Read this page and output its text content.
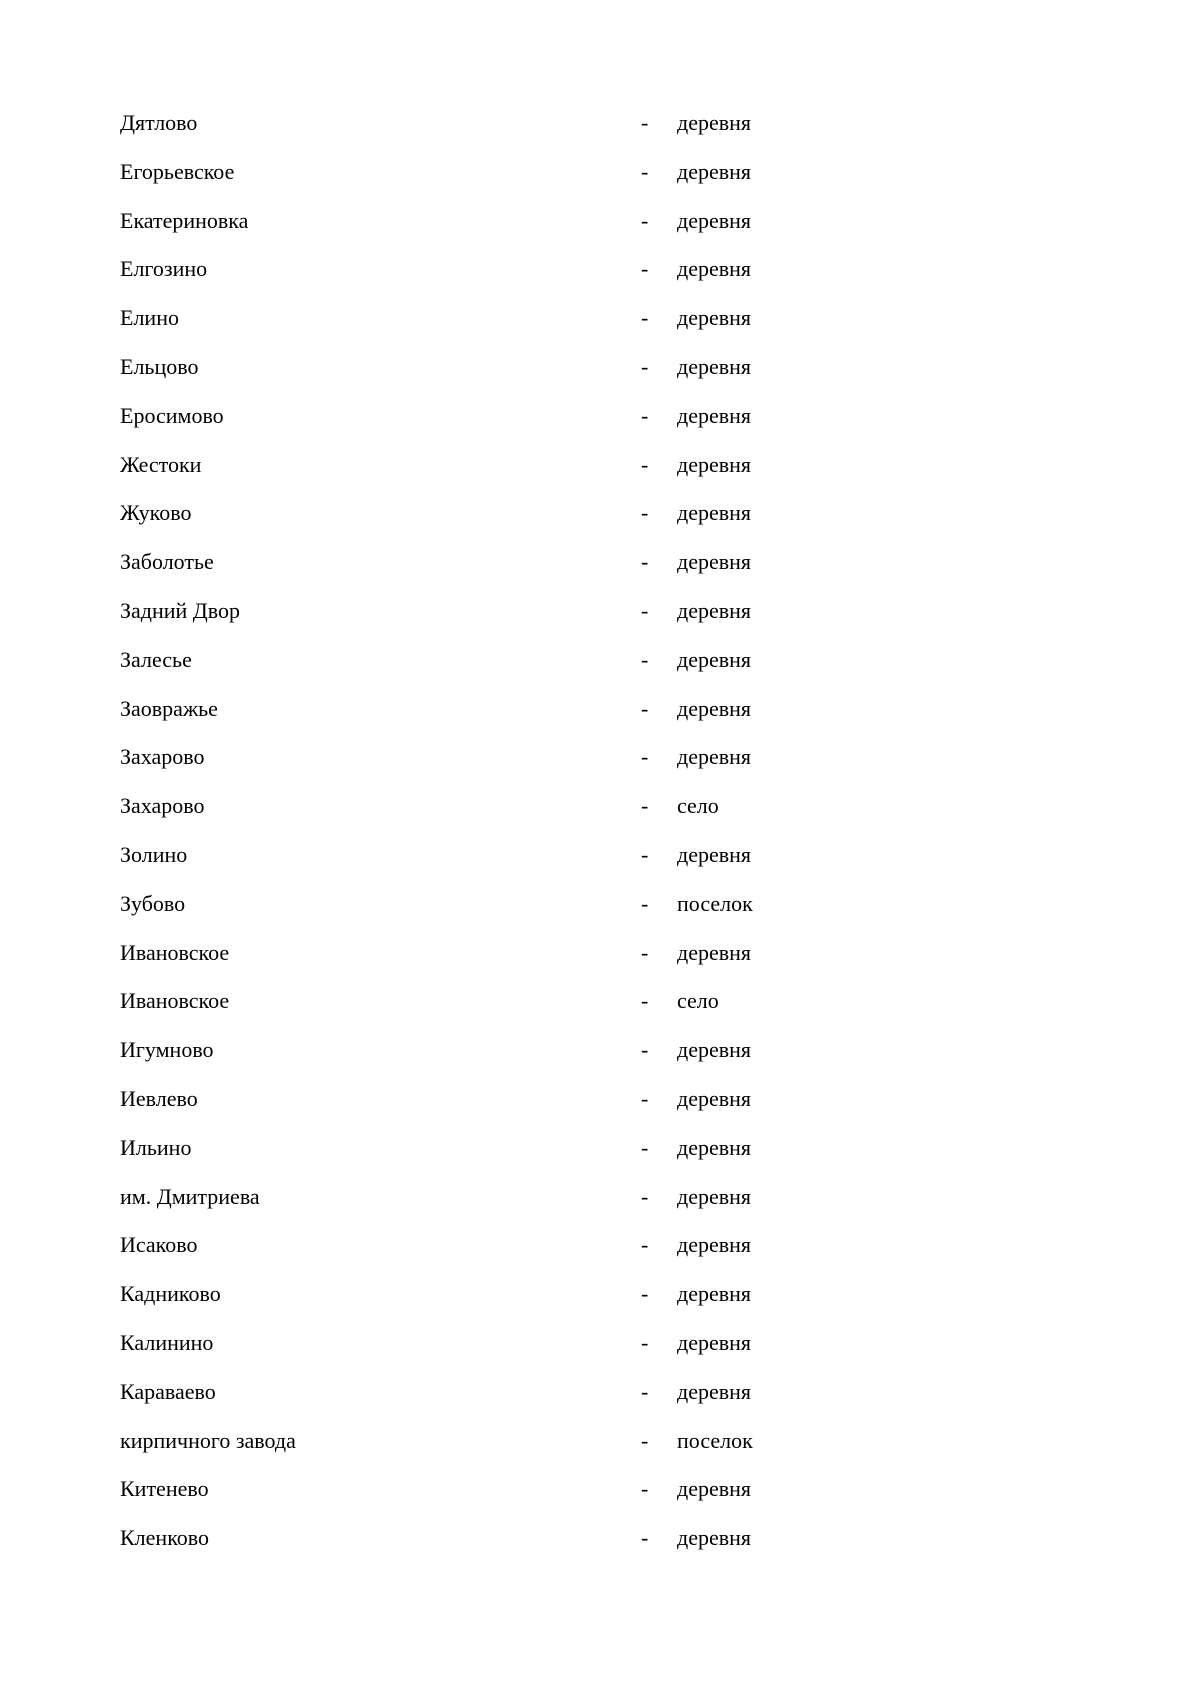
Дятлово	- деревня
Егорьевское	- деревня
Екатериновка	- деревня
Елгозино	- деревня
Елино	- деревня
Ельцово	- деревня
Еросимово	- деревня
Жестоки	- деревня
Жуково	- деревня
Заболотье	- деревня
Задний Двор	- деревня
Залесье	- деревня
Заовражье	- деревня
Захарово	- деревня
Захарово	- село
Золино	- деревня
Зубово	- поселок
Ивановское	- деревня
Ивановское	- село
Игумново	- деревня
Иевлево	- деревня
Ильино	- деревня
им. Дмитриева	- деревня
Исаково	- деревня
Кадниково	- деревня
Калинино	- деревня
Караваево	- деревня
кирпичного завода	- поселок
Китенево	- деревня
Кленково	- деревня
